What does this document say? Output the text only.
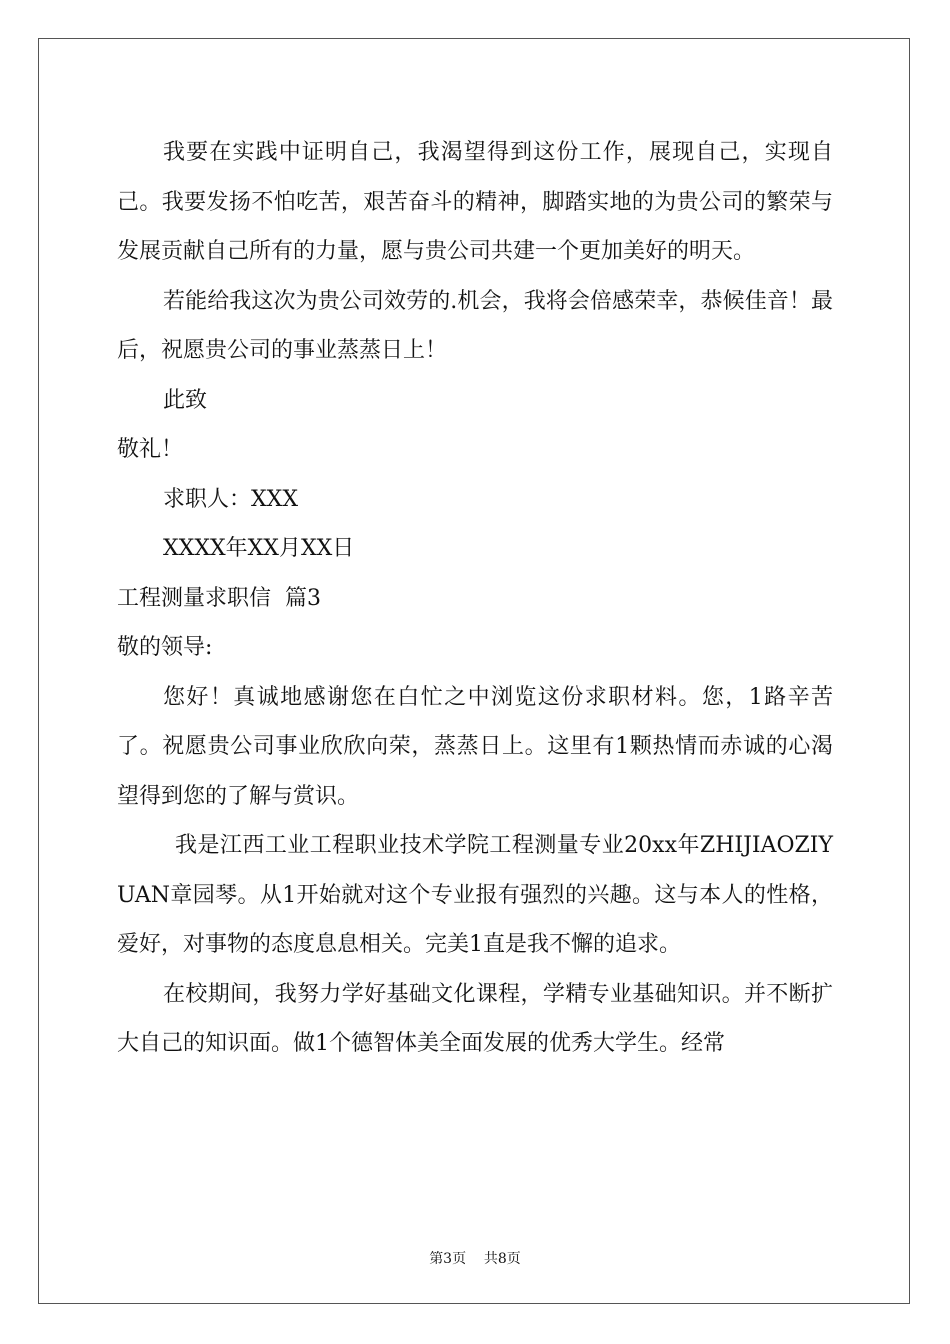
我要在实践中证明自己，我渴望得到这份工作，展现自己，实现自己。我要发扬不怕吃苦，艰苦奋斗的精神，脚踏实地的为贵公司的繁荣与发展贡献自己所有的力量，愿与贵公司共建一个更加美好的明天。

若能给我这次为贵公司效劳的.机会，我将会倍感荣幸，恭候佳音！最后，祝愿贵公司的事业蒸蒸日上！

此致

敬礼！

求职人：XXX

XXXX年XX月XX日

工程测量求职信  篇3

敬的领导:

您好！真诚地感谢您在白忙之中浏览这份求职材料。您，1路辛苦了。祝愿贵公司事业欣欣向荣，蒸蒸日上。这里有1颗热情而赤诚的心渴望得到您的了解与赏识。

我是江西工业工程职业技术学院工程测量专业20xx年ZHIJIAOZIYUAN章园琴。从1开始就对这个专业报有强烈的兴趣。这与本人的性格，爱好，对事物的态度息息相关。完美1直是我不懈的追求。

在校期间，我努力学好基础文化课程，学精专业基础知识。并不断扩大自己的知识面。做1个德智体美全面发展的优秀大学生。经常

第3页    共8页
